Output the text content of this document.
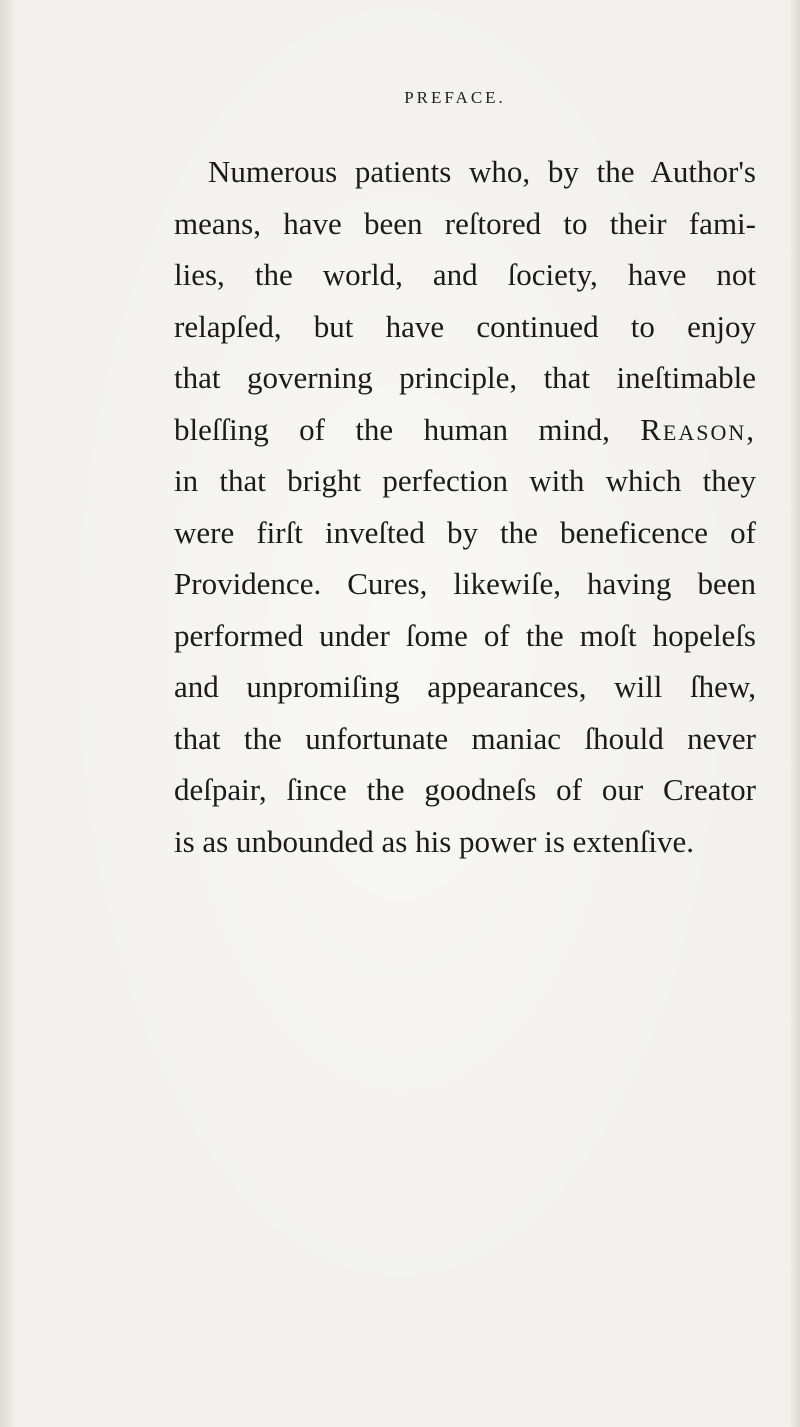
PREFACE.
Numerous patients who, by the Author's
means, have been reſtored to their fami-
lies, the world, and ſociety, have not
relapſed, but have continued to enjoy
that governing principle, that ineſtimable
bleſſing of the human mind, Reason,
in that bright perfection with which they
were firſt inveſted by the beneficence of
Providence. Cures, likewiſe, having been
performed under ſome of the moſt hopeleſs
and unpromiſing appearances, will ſhew,
that the unfortunate maniac ſhould never
deſpair, ſince the goodneſs of our Creator
is as unbounded as his power is extenſive.
